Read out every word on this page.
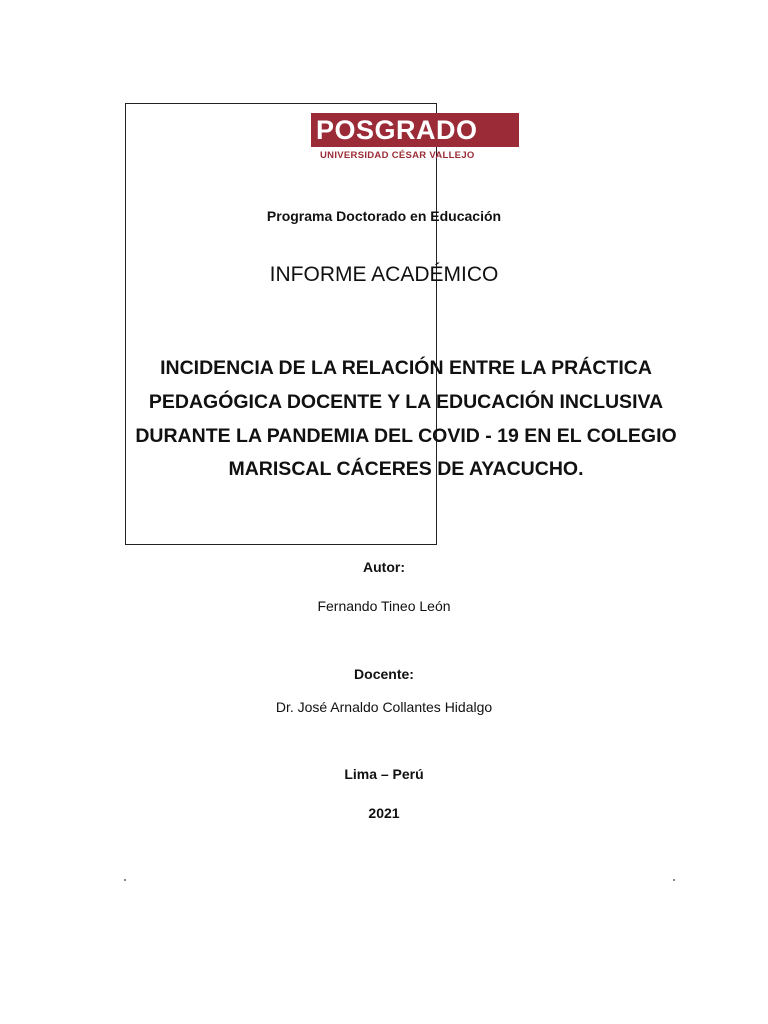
POSGRADO
UNIVERSIDAD CÉSAR VALLEJO
Programa Doctorado en Educación
INFORME ACADÉMICO
INCIDENCIA DE LA RELACIÓN ENTRE LA PRÁCTICA PEDAGÓGICA DOCENTE Y LA EDUCACIÓN INCLUSIVA DURANTE LA PANDEMIA DEL COVID - 19 EN EL COLEGIO MARISCAL CÁCERES DE AYACUCHO.
Autor:
Fernando Tineo León
Docente:
Dr. José Arnaldo Collantes Hidalgo
Lima – Perú
2021
